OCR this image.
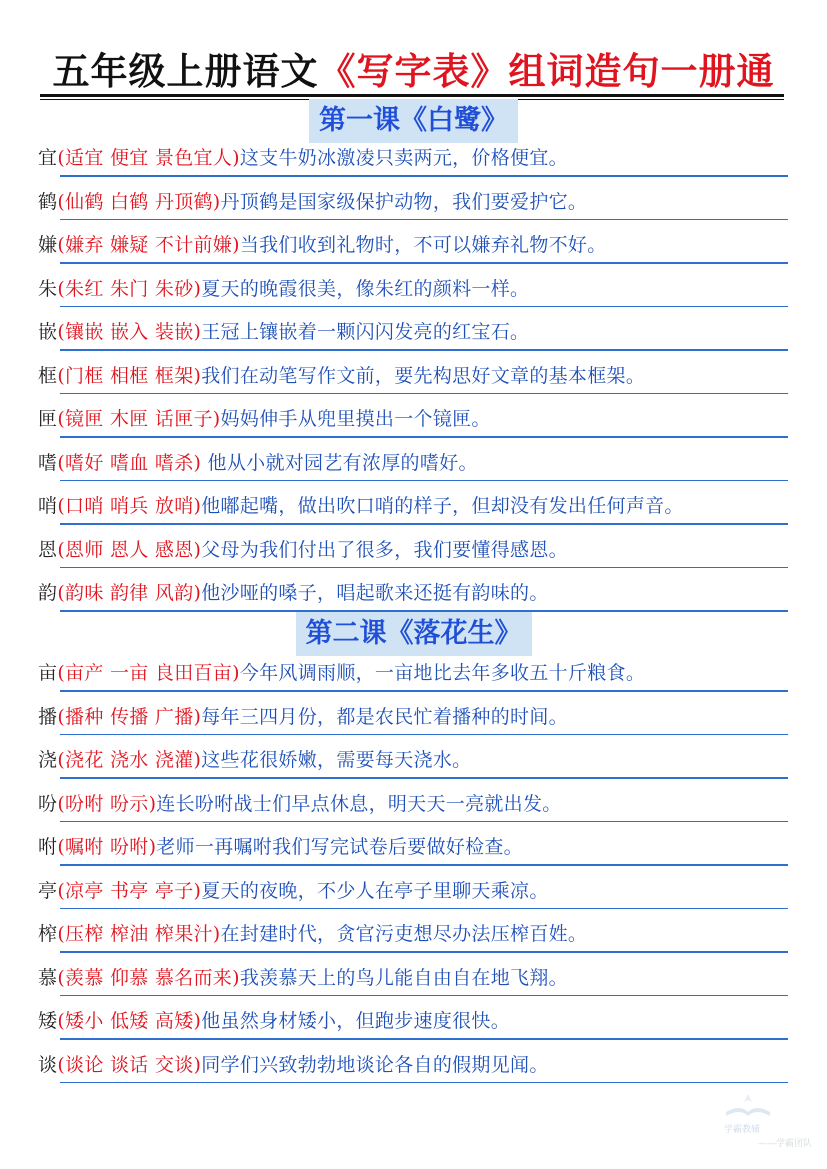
五年级上册语文《写字表》组词造句一册通
第一课《白鹭》
宜(适宜 便宜 景色宜人)这支牛奶冰激凌只卖两元，价格便宜。
鹤(仙鹤 白鹤 丹顶鹤)丹顶鹤是国家级保护动物，我们要爱护它。
嫌(嫌弃 嫌疑 不计前嫌)当我们收到礼物时，不可以嫌弃礼物不好。
朱(朱红 朱门 朱砂)夏天的晚霞很美，像朱红的颜料一样。
嵌(镶嵌 嵌入 装嵌)王冠上镶嵌着一颗闪闪发亮的红宝石。
框(门框 相框 框架)我们在动笔写作文前，要先构思好文章的基本框架。
匣(镜匣 木匣 话匣子)妈妈伸手从兜里摸出一个镜匣。
嗜(嗜好 嗜血 嗜杀) 他从小就对园艺有浓厚的嗜好。
哨(口哨 哨兵 放哨)他嘟起嘴，做出吹口哨的样子，但却没有发出任何声音。
恩(恩师 恩人 感恩)父母为我们付出了很多，我们要懂得感恩。
韵(韵味 韵律 风韵)他沙哑的嗓子，唱起歌来还挺有韵味的。
第二课《落花生》
亩(亩产 一亩 良田百亩)今年风调雨顺，一亩地比去年多收五十斤粮食。
播(播种 传播 广播)每年三四月份，都是农民忙着播种的时间。
浇(浇花 浇水 浇灌)这些花很娇嫩，需要每天浇水。
吩(吩咐 吩示)连长吩咐战士们早点休息，明天天一亮就出发。
咐(嘱咐 吩咐)老师一再嘱咐我们写完试卷后要做好检查。
亭(凉亭 书亭 亭子)夏天的夜晚，不少人在亭子里聊天乘凉。
榨(压榨 榨油 榨果汁)在封建时代，贪官污吏想尽办法压榨百姓。
慕(羡慕 仰慕 慕名而来)我羡慕天上的鸟儿能自由自在地飞翔。
矮(矮小 低矮 高矮)他虽然身材矮小，但跑步速度很快。
谈(谈论 谈话 交谈)同学们兴致勃勃地谈论各自的假期见闻。
学霸教辅
——学霸团队
